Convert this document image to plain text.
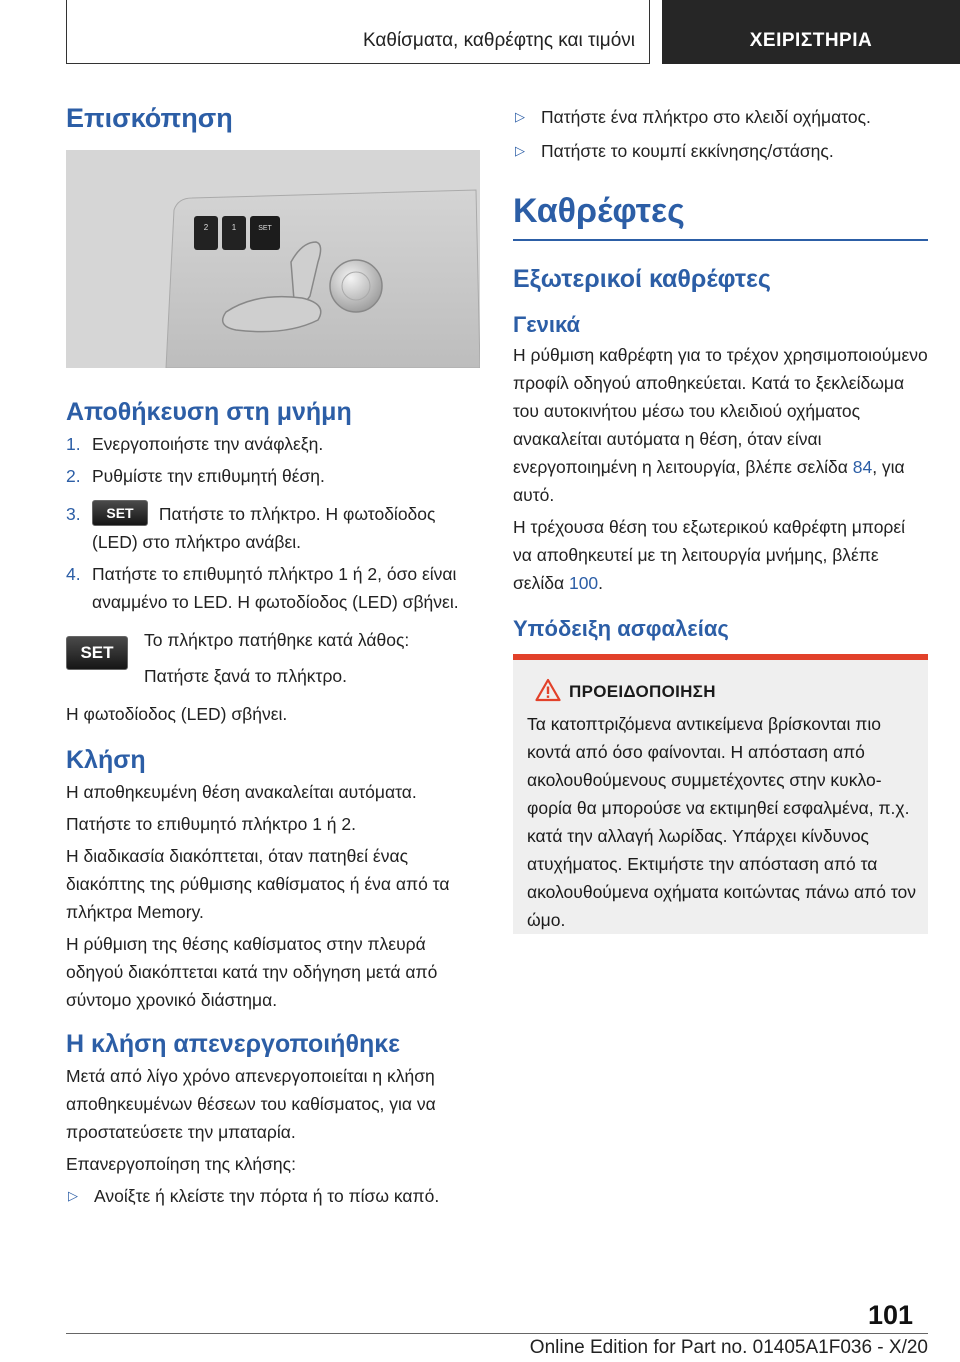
Καθίσματα, καθρέφτης και τιμόνι	ΧΕΙΡΙΣΤΗΡΙΑ
Επισκόπηση
2	1	SET
Αποθήκευση στη μνήμη
1. Ενεργοποιήστε την ανάφλεξη.
2. Ρυθμίστε την επιθυμητή θέση.
3. SET Πατήστε το πλήκτρο. Η φωτοδίοδος (LED) στο πλήκτρο ανάβει.
4. Πατήστε το επιθυμητό πλήκτρο 1 ή 2, όσο είναι αναμμένο το LED. Η φωτοδίοδος (LED) σβήνει.
SET
Το πλήκτρο πατήθηκε κατά λάθος:
Πατήστε ξανά το πλήκτρο.

Η φωτοδίοδος (LED) σβήνει.

Κλήση

Η αποθηκευμένη θέση ανακαλείται αυτόματα.

Πατήστε το επιθυμητό πλήκτρο 1 ή 2.

Η διαδικασία διακόπτεται, όταν πατηθεί ένας διακόπτης της ρύθμισης καθίσματος ή ένα από τα πλήκτρα Memory.

Η ρύθμιση της θέσης καθίσματος στην πλευρά οδηγού διακόπτεται κατά την οδήγηση μετά από σύντομο χρονικό διάστημα.

Η κλήση απενεργοποιήθηκε

Μετά από λίγο χρόνο απενεργοποιείται η κλήση αποθηκευμένων θέσεων του καθίσματος, για να προστατεύσετε την μπαταρία.

Επανεργοποίηση της κλήσης:

▷ Ανοίξτε ή κλείστε την πόρτα ή το πίσω καπό.
▷ Πατήστε ένα πλήκτρο στο κλειδί οχήματος.
▷ Πατήστε το κουμπί εκκίνησης/στάσης.
Καθρέφτες
Εξωτερικοί καθρέφτες
Γενικά

Η ρύθμιση καθρέφτη για το τρέχον χρησιμοποιούμενο προφίλ οδηγού αποθηκεύεται. Κατά το ξεκλείδωμα του αυτοκινήτου μέσω του κλειδιού οχήματος ανακαλείται αυτόματα η θέση, όταν είναι ενεργοποιημένη η λειτουργία, βλέπε σελίδα 84, για αυτό.

Η τρέχουσα θέση του εξωτερικού καθρέφτη μπορεί να αποθηκευτεί με τη λειτουργία μνήμης, βλέπε σελίδα 100.

Υπόδειξη ασφαλείας
ΠΡΟΕΙΔΟΠΟΙΗΣΗ

Τα κατοπτριζόμενα αντικείμενα βρίσκονται πιο κοντά από όσο φαίνονται. Η απόσταση από ακολουθούμενους συμμετέχοντες στην κυκλοφορία θα μπορούσε να εκτιμηθεί εσφαλμένα, π.χ. κατά την αλλαγή λωρίδας. Υπάρχει κίνδυνος ατυχήματος. Εκτιμήστε την απόσταση από τα ακολουθούμενα οχήματα κοιτώντας πάνω από τον ώμο.

101
Online Edition for Part no. 01405A1F036 - X/20
